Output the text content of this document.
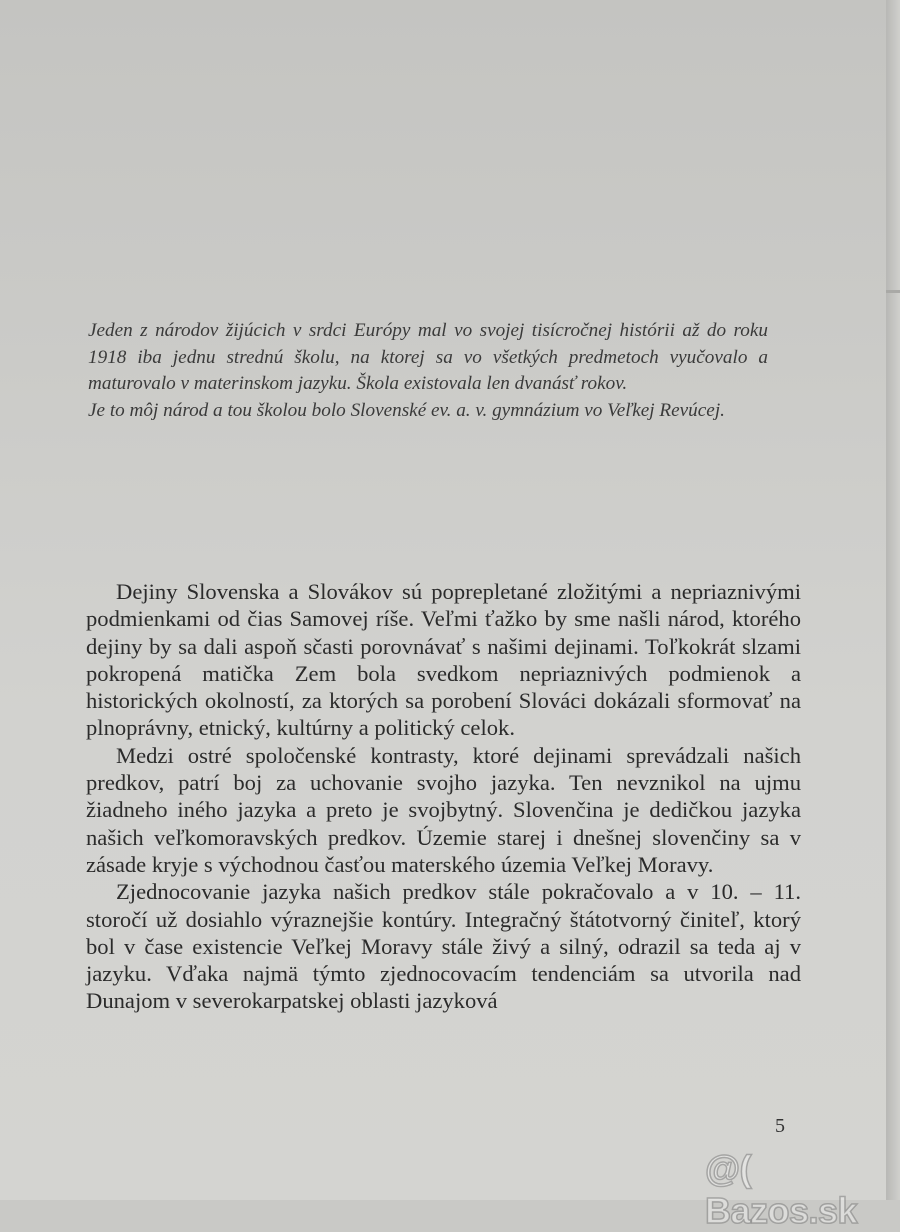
Jeden z národov žijúcich v srdci Európy mal vo svojej tisícročnej histórii až do roku 1918 iba jednu strednú školu, na ktorej sa vo všetkých predmetoch vyučovalo a maturovalo v materinskom jazyku. Škola existovala len dvanásť rokov.

Je to môj národ a tou školou bolo Slovenské ev. a. v. gymnázium vo Veľkej Revúcej.

Dejiny Slovenska a Slovákov sú poprepletané zložitými a nepriaznivými podmienkami od čias Samovej ríše. Veľmi ťažko by sme našli národ, ktorého dejiny by sa dali aspoň sčasti porovnávať s našimi dejinami. Toľkokrát slzami pokropená matička Zem bola svedkom nepriaznivých podmienok a historických okolností, za ktorých sa porobení Slováci dokázali sformovať na plnoprávny, etnický, kultúrny a politický celok.

Medzi ostré spoločenské kontrasty, ktoré dejinami sprevádzali našich predkov, patrí boj za uchovanie svojho jazyka. Ten nevznikol na ujmu žiadneho iného jazyka a preto je svojbytný. Slovenčina je dedičkou jazyka našich veľkomoravských predkov. Územie starej i dnešnej slovenčiny sa v zásade kryje s východnou časťou materského územia Veľkej Moravy.

Zjednocovanie jazyka našich predkov stále pokračovalo a v 10. – 11. storočí už dosiahlo výraznejšie kontúry. Integračný štátotvorný činiteľ, ktorý bol v čase existencie Veľkej Moravy stále živý a silný, odrazil sa teda aj v jazyku. Vďaka najmä týmto zjednocovacím tendenciám sa utvorila nad Dunajom v severokarpatskej oblasti jazyková

5
@( Bazos.sk
